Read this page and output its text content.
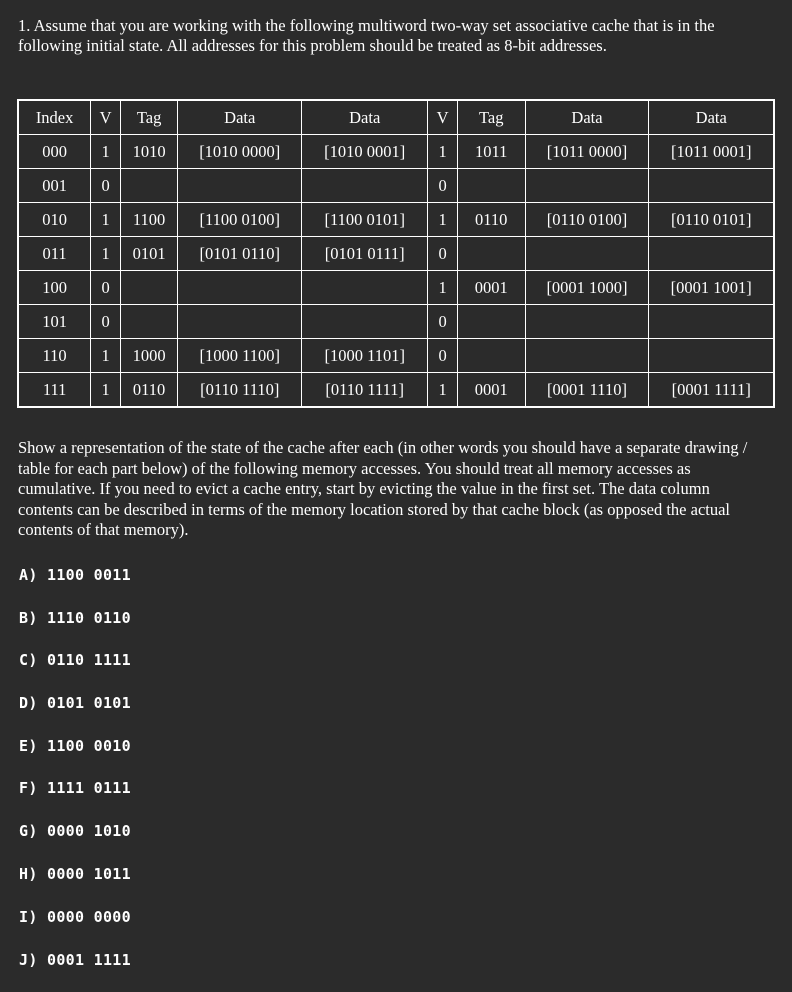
1. Assume that you are working with the following multiword two-way set associative cache that is in the following initial state. All addresses for this problem should be treated as 8-bit addresses.

Index	V	Tag	Data	Data	V	Tag	Data	Data
000	1	1010	[1010 0000]	[1010 0001]	1	1011	[1011 0000]	[1011 0001]
001	0				0			
010	1	1100	[1100 0100]	[1100 0101]	1	0110	[0110 0100]	[0110 0101]
011	1	0101	[0101 0110]	[0101 0111]	0			
100	0				1	0001	[0001 1000]	[0001 1001]
101	0				0			
110	1	1000	[1000 1100]	[1000 1101]	0			
111	1	0110	[0110 1110]	[0110 1111]	1	0001	[0001 1110]	[0001 1111]

Show a representation of the state of the cache after each (in other words you should have a separate drawing / table for each part below) of the following memory accesses. You should treat all memory accesses as cumulative. If you need to evict a cache entry, start by evicting the value in the first set. The data column contents can be described in terms of the memory location stored by that cache block (as opposed the actual contents of that memory).

A) 1100 0011
B) 1110 0110
C) 0110 1111
D) 0101 0101
E) 1100 0010
F) 1111 0111
G) 0000 1010
H) 0000 1011
I) 0000 0000
J) 0001 1111
